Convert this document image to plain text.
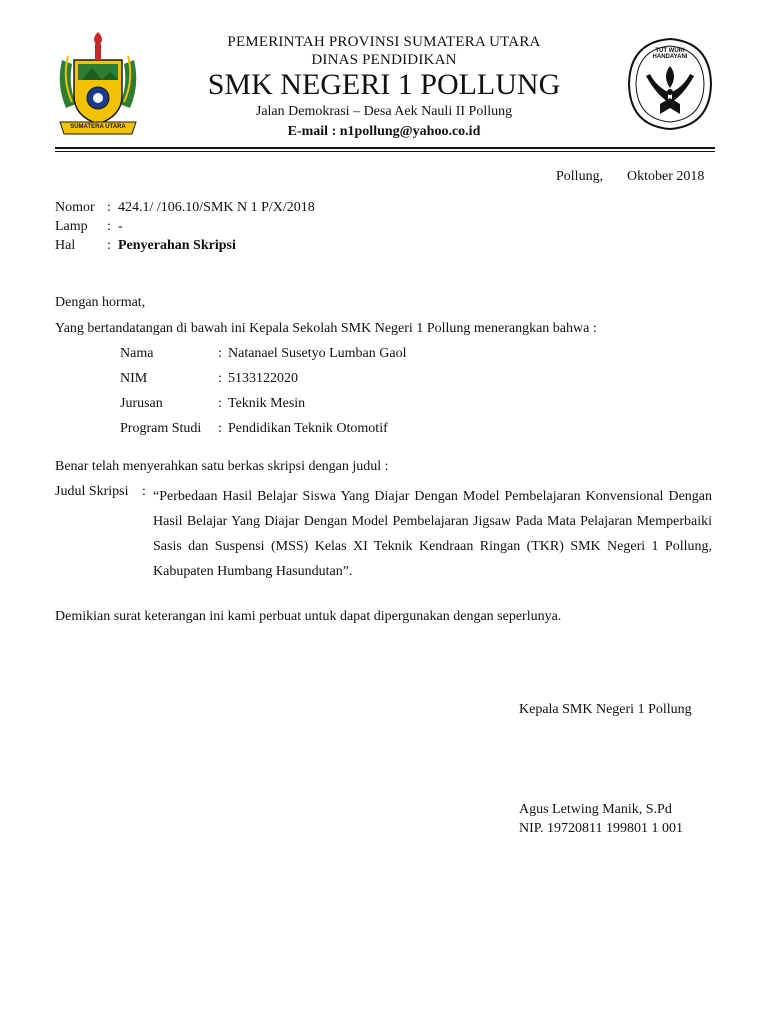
SUMATERA UTARA
TUT WURI HANDAYANI
PEMERINTAH PROVINSI SUMATERA UTARA
DINAS PENDIDIKAN
SMK NEGERI 1 POLLUNG
Jalan Demokrasi – Desa Aek Nauli II Pollung
E-mail : n1pollung@yahoo.co.id
Pollung, Oktober 2018
Nomor : 424.1/ /106.10/SMK N 1 P/X/2018
Lamp : -
Hal : Penyerahan Skripsi
Dengan hormat,
Yang bertandatangan di bawah ini Kepala Sekolah SMK Negeri 1 Pollung menerangkan bahwa :
Nama	: Natanael Susetyo Lumban Gaol
NIM	: 5133122020
Jurusan	: Teknik Mesin
Program Studi : Pendidikan Teknik Otomotif
Benar telah menyerahkan satu berkas skripsi dengan judul :
Judul Skripsi : “Perbedaan Hasil Belajar Siswa Yang Diajar Dengan Model Pembelajaran Konvensional Dengan Hasil Belajar Yang Diajar Dengan Model Pembelajaran Jigsaw Pada Mata Pelajaran Memperbaiki Sasis dan Suspensi (MSS) Kelas XI Teknik Kendraan Ringan (TKR) SMK Negeri 1 Pollung, Kabupaten Humbang Hasundutan”.
Demikian surat keterangan ini kami perbuat untuk dapat dipergunakan dengan seperlunya.
Kepala SMK Negeri 1 Pollung
Agus Letwing Manik, S.Pd
NIP. 19720811 199801 1 001
